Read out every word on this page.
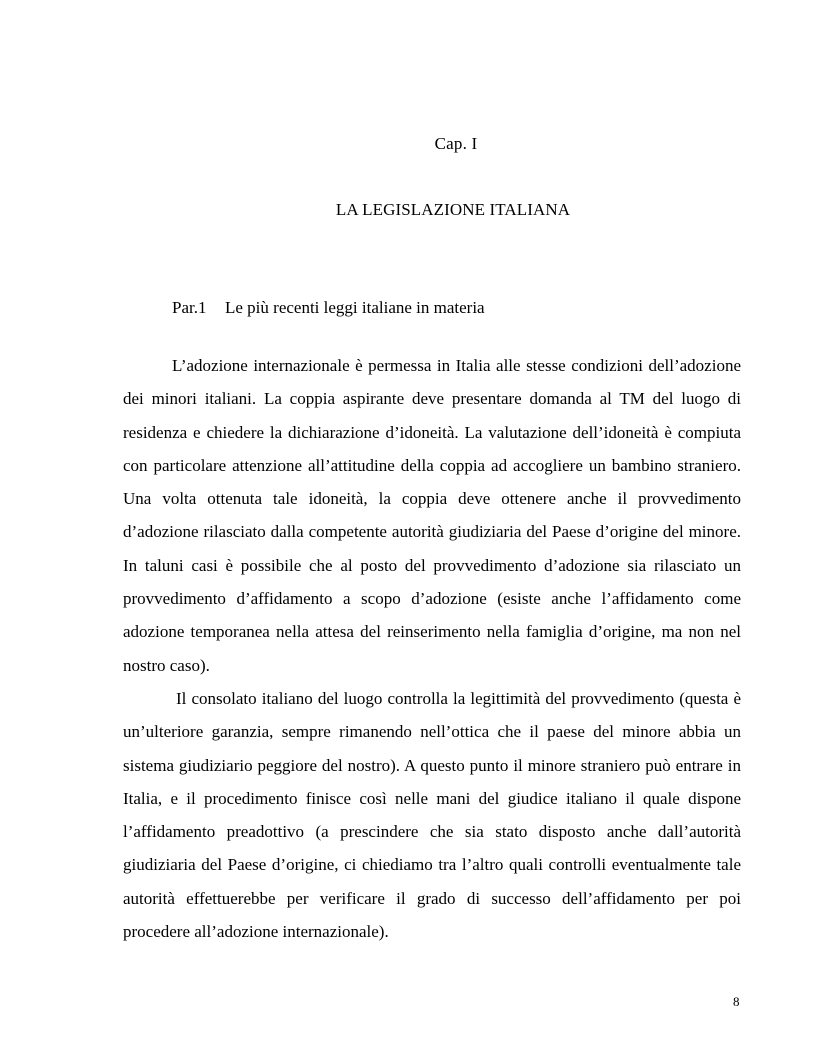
Cap. I
LA LEGISLAZIONE ITALIANA
Par.1 Le più recenti leggi italiane in materia

L’adozione internazionale è permessa in Italia alle stesse condizioni dell’adozione dei minori italiani. La coppia aspirante deve presentare domanda al TM del luogo di residenza e chiedere la dichiarazione d’idoneità. La valutazione dell’idoneità è compiuta con particolare attenzione all’attitudine della coppia ad accogliere un bambino straniero. Una volta ottenuta tale idoneità, la coppia deve ottenere anche il provvedimento d’adozione rilasciato dalla competente autorità giudiziaria del Paese d’origine del minore. In taluni casi è possibile che al posto del provvedimento d’adozione sia rilasciato un provvedimento d’affidamento a scopo d’adozione (esiste anche l’affidamento come adozione temporanea nella attesa del reinserimento nella famiglia d’origine, ma non nel nostro caso).

Il consolato italiano del luogo controlla la legittimità del provvedimento (questa è un’ulteriore garanzia, sempre rimanendo nell’ottica che il paese del minore abbia un sistema giudiziario peggiore del nostro). A questo punto il minore straniero può entrare in Italia, e il procedimento finisce così nelle mani del giudice italiano il quale dispone l’affidamento preadottivo (a prescindere che sia stato disposto anche dall’autorità giudiziaria del Paese d’origine, ci chiediamo tra l’altro quali controlli eventualmente tale autorità effettuerebbe per verificare il grado di successo dell’affidamento per poi procedere all’adozione internazionale).

8
